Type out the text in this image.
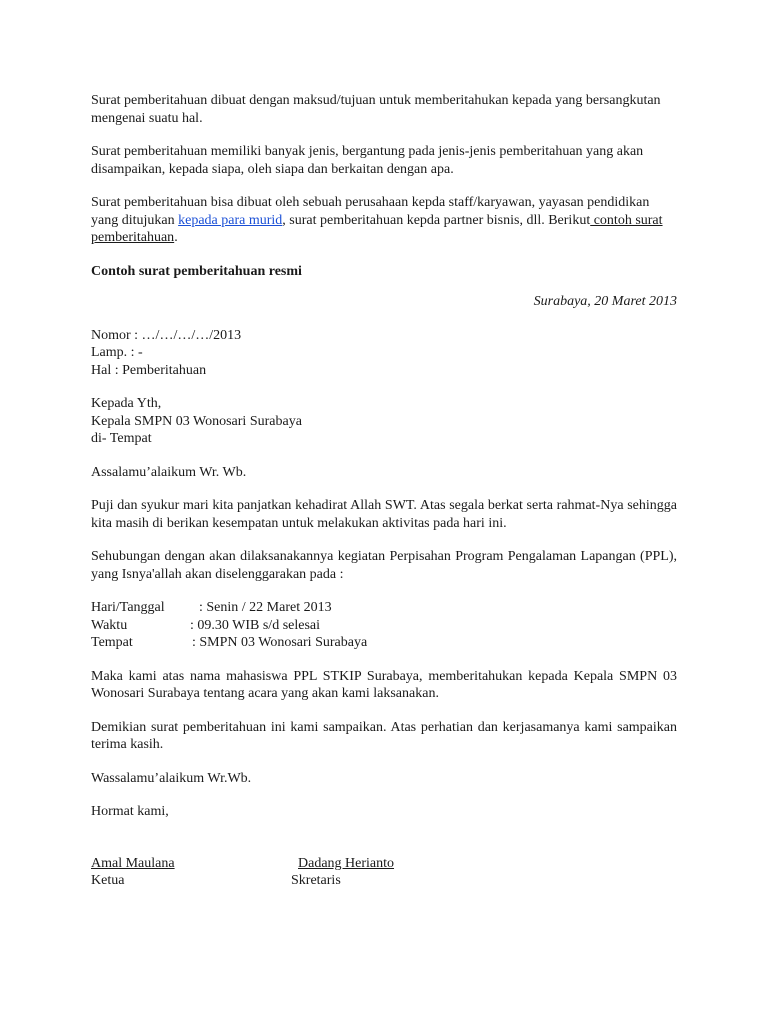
Surat pemberitahuan dibuat dengan maksud/tujuan untuk memberitahukan kepada yang bersangkutan mengenai suatu hal.

Surat pemberitahuan memiliki banyak jenis, bergantung pada jenis-jenis pemberitahuan yang akan disampaikan, kepada siapa, oleh siapa dan berkaitan dengan apa.

Surat pemberitahuan bisa dibuat oleh sebuah perusahaan kepda staff/karyawan, yayasan pendidikan yang ditujukan kepada para murid, surat pemberitahuan kepda partner bisnis, dll. Berikut contoh surat pemberitahuan.

Contoh surat pemberitahuan resmi

Surabaya, 20 Maret 2013

Nomor : …/…/…/…/2013

Lamp. : -

Hal : Pemberitahuan

Kepada Yth,

Kepala SMPN 03 Wonosari Surabaya

di- Tempat

Assalamu’alaikum Wr. Wb.

Puji dan syukur mari kita panjatkan kehadirat Allah SWT. Atas segala berkat serta rahmat-Nya sehingga kita masih di berikan kesempatan untuk melakukan aktivitas pada hari ini.

Sehubungan dengan akan dilaksanakannya kegiatan Perpisahan Program Pengalaman Lapangan (PPL), yang Isnya'allah akan diselenggarakan pada :

Hari/Tanggal	: Senin / 22 Maret 2013
Waktu	: 09.30 WIB s/d selesai
Tempat	: SMPN 03 Wonosari Surabaya

Maka kami atas nama mahasiswa PPL STKIP Surabaya, memberitahukan kepada Kepala SMPN 03 Wonosari Surabaya tentang acara yang akan kami laksanakan.

Demikian surat pemberitahuan ini kami sampaikan. Atas perhatian dan kerjasamanya kami sampaikan terima kasih.

Wassalamu’alaikum Wr.Wb.

Hormat kami,

Amal Maulana	Dadang Herianto
Ketua	Skretaris
